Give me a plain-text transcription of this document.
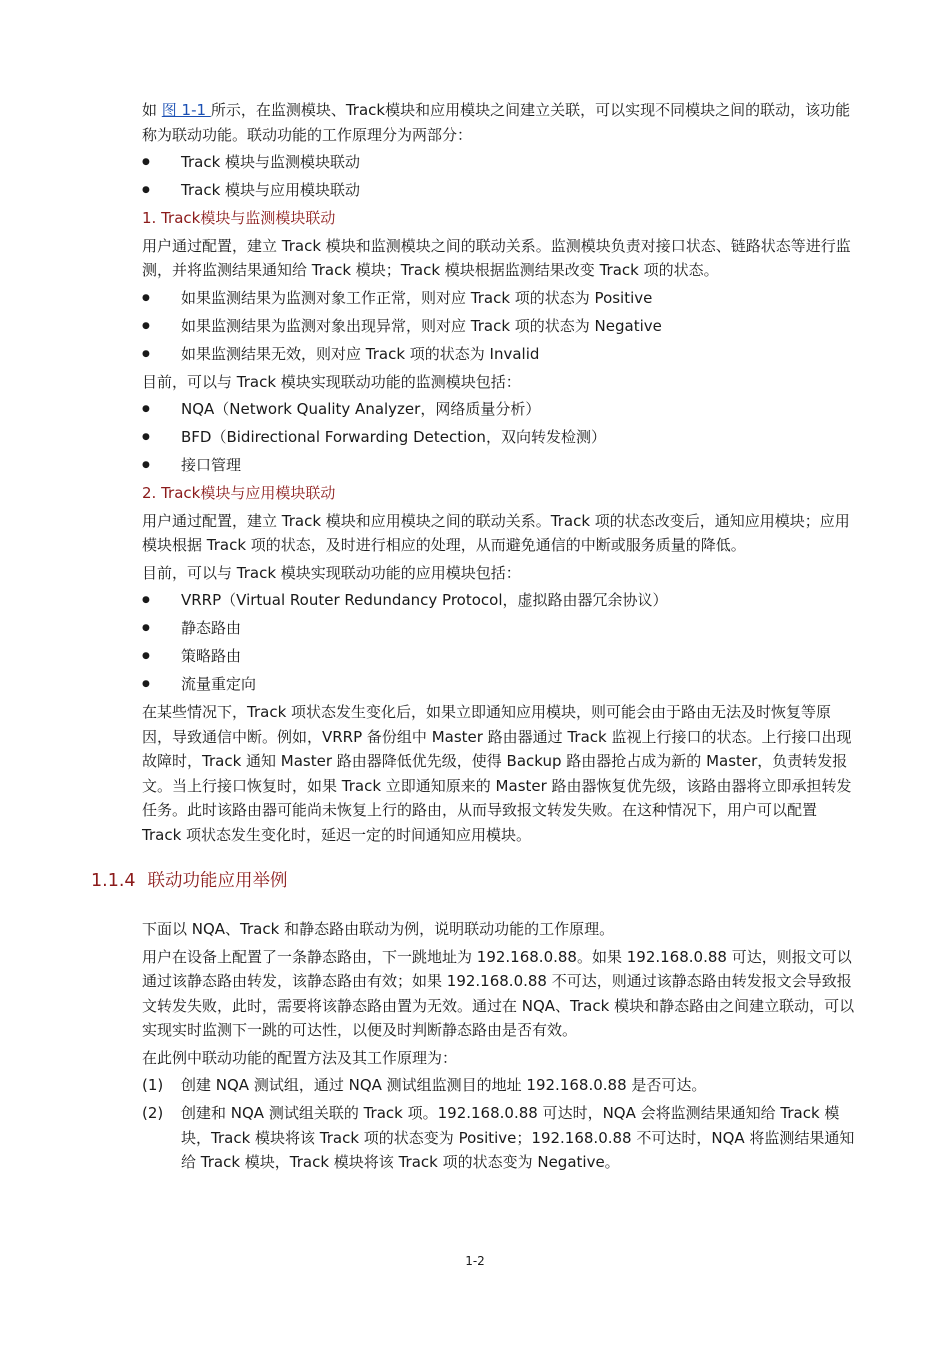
如 图 1-1 所示，在监测模块、Track模块和应用模块之间建立关联，可以实现不同模块之间的联动，该功能称为联动功能。联动功能的工作原理分为两部分：

● Track 模块与监测模块联动
● Track 模块与应用模块联动
1. Track模块与监测模块联动

用户通过配置，建立 Track 模块和监测模块之间的联动关系。监测模块负责对接口状态、链路状态等进行监测，并将监测结果通知给 Track 模块；Track 模块根据监测结果改变 Track 项的状态。

● 如果监测结果为监测对象工作正常，则对应 Track 项的状态为 Positive
● 如果监测结果为监测对象出现异常，则对应 Track 项的状态为 Negative
● 如果监测结果无效，则对应 Track 项的状态为 Invalid

目前，可以与 Track 模块实现联动功能的监测模块包括：

● NQA（Network Quality Analyzer，网络质量分析）
● BFD（Bidirectional Forwarding Detection，双向转发检测）
● 接口管理
2. Track模块与应用模块联动

用户通过配置，建立 Track 模块和应用模块之间的联动关系。Track 项的状态改变后，通知应用模块；应用模块根据 Track 项的状态，及时进行相应的处理，从而避免通信的中断或服务质量的降低。

目前，可以与 Track 模块实现联动功能的应用模块包括：

● VRRP（Virtual Router Redundancy Protocol，虚拟路由器冗余协议）
● 静态路由
● 策略路由
● 流量重定向

在某些情况下，Track 项状态发生变化后，如果立即通知应用模块，则可能会由于路由无法及时恢复等原因，导致通信中断。例如，VRRP 备份组中 Master 路由器通过 Track 监视上行接口的状态。上行接口出现故障时，Track 通知 Master 路由器降低优先级，使得 Backup 路由器抢占成为新的 Master，负责转发报文。当上行接口恢复时，如果 Track 立即通知原来的 Master 路由器恢复优先级，该路由器将立即承担转发任务。此时该路由器可能尚未恢复上行的路由，从而导致报文转发失败。在这种情况下，用户可以配置 Track 项状态发生变化时，延迟一定的时间通知应用模块。

1.1.4 联动功能应用举例

下面以 NQA、Track 和静态路由联动为例，说明联动功能的工作原理。

用户在设备上配置了一条静态路由，下一跳地址为 192.168.0.88。如果 192.168.0.88 可达，则报文可以通过该静态路由转发，该静态路由有效；如果 192.168.0.88 不可达，则通过该静态路由转发报文会导致报文转发失败，此时，需要将该静态路由置为无效。通过在 NQA、Track 模块和静态路由之间建立联动，可以实现实时监测下一跳的可达性，以便及时判断静态路由是否有效。

在此例中联动功能的配置方法及其工作原理为：

(1) 创建 NQA 测试组，通过 NQA 测试组监测目的地址 192.168.0.88 是否可达。
(2) 创建和 NQA 测试组关联的 Track 项。192.168.0.88 可达时，NQA 会将监测结果通知给 Track 模块，Track 模块将该 Track 项的状态变为 Positive；192.168.0.88 不可达时，NQA 将监测结果通知给 Track 模块，Track 模块将该 Track 项的状态变为 Negative。
1-2
